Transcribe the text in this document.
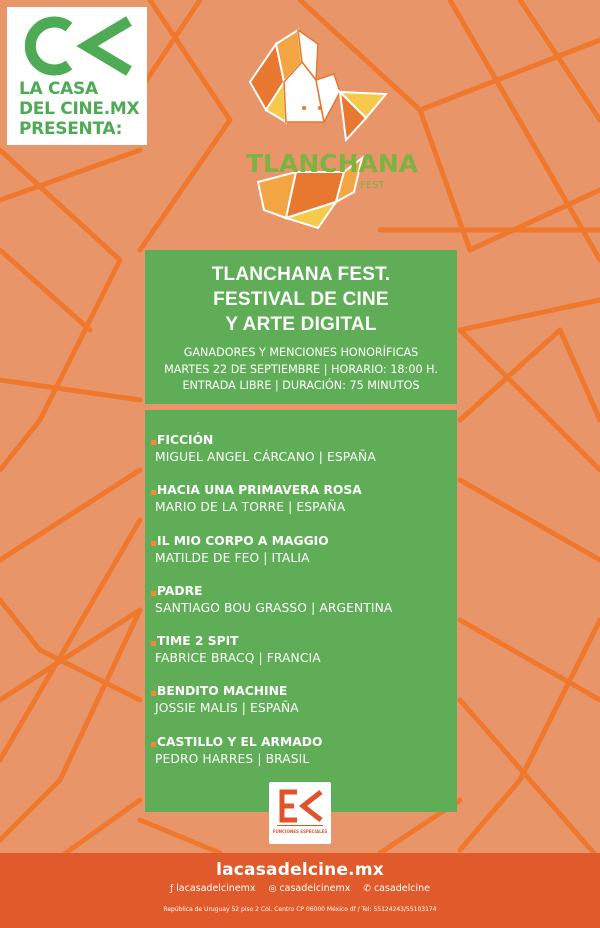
LA CASA
DEL CINE.MX
PRESENTA:
TLANCHANA
FEST
TLANCHANA FEST.
FESTIVAL DE CINE
Y ARTE DIGITAL
GANADORES Y MENCIONES HONORÍFICAS
MARTES 22 DE SEPTIEMBRE | HORARIO: 18:00 H.
ENTRADA LIBRE | DURACIÓN: 75 MINUTOS
FICCIÓN
MIGUEL ANGEL CÁRCANO | ESPAÑA
HACIA UNA PRIMAVERA ROSA
MARIO DE LA TORRE | ESPAÑA
IL MIO CORPO A MAGGIO
MATILDE DE FEO | ITALIA
PADRE
SANTIAGO BOU GRASSO | ARGENTINA
TIME 2 SPIT
FABRICE BRACQ | FRANCIA
BENDITO MACHINE
JOSSIE MALIS | ESPAÑA
CASTILLO Y EL ARMADO
PEDRO HARRES | BRASIL
FUNCIONES ESPECIALES
lacasadelcine.mx
ƒ lacasadelcinemx ◎ casadelcinemx ✆ casadelcine
República de Uruguay 52 piso 2 Col. Centro CP 06000 México df / Tel: 55124243/55103174
